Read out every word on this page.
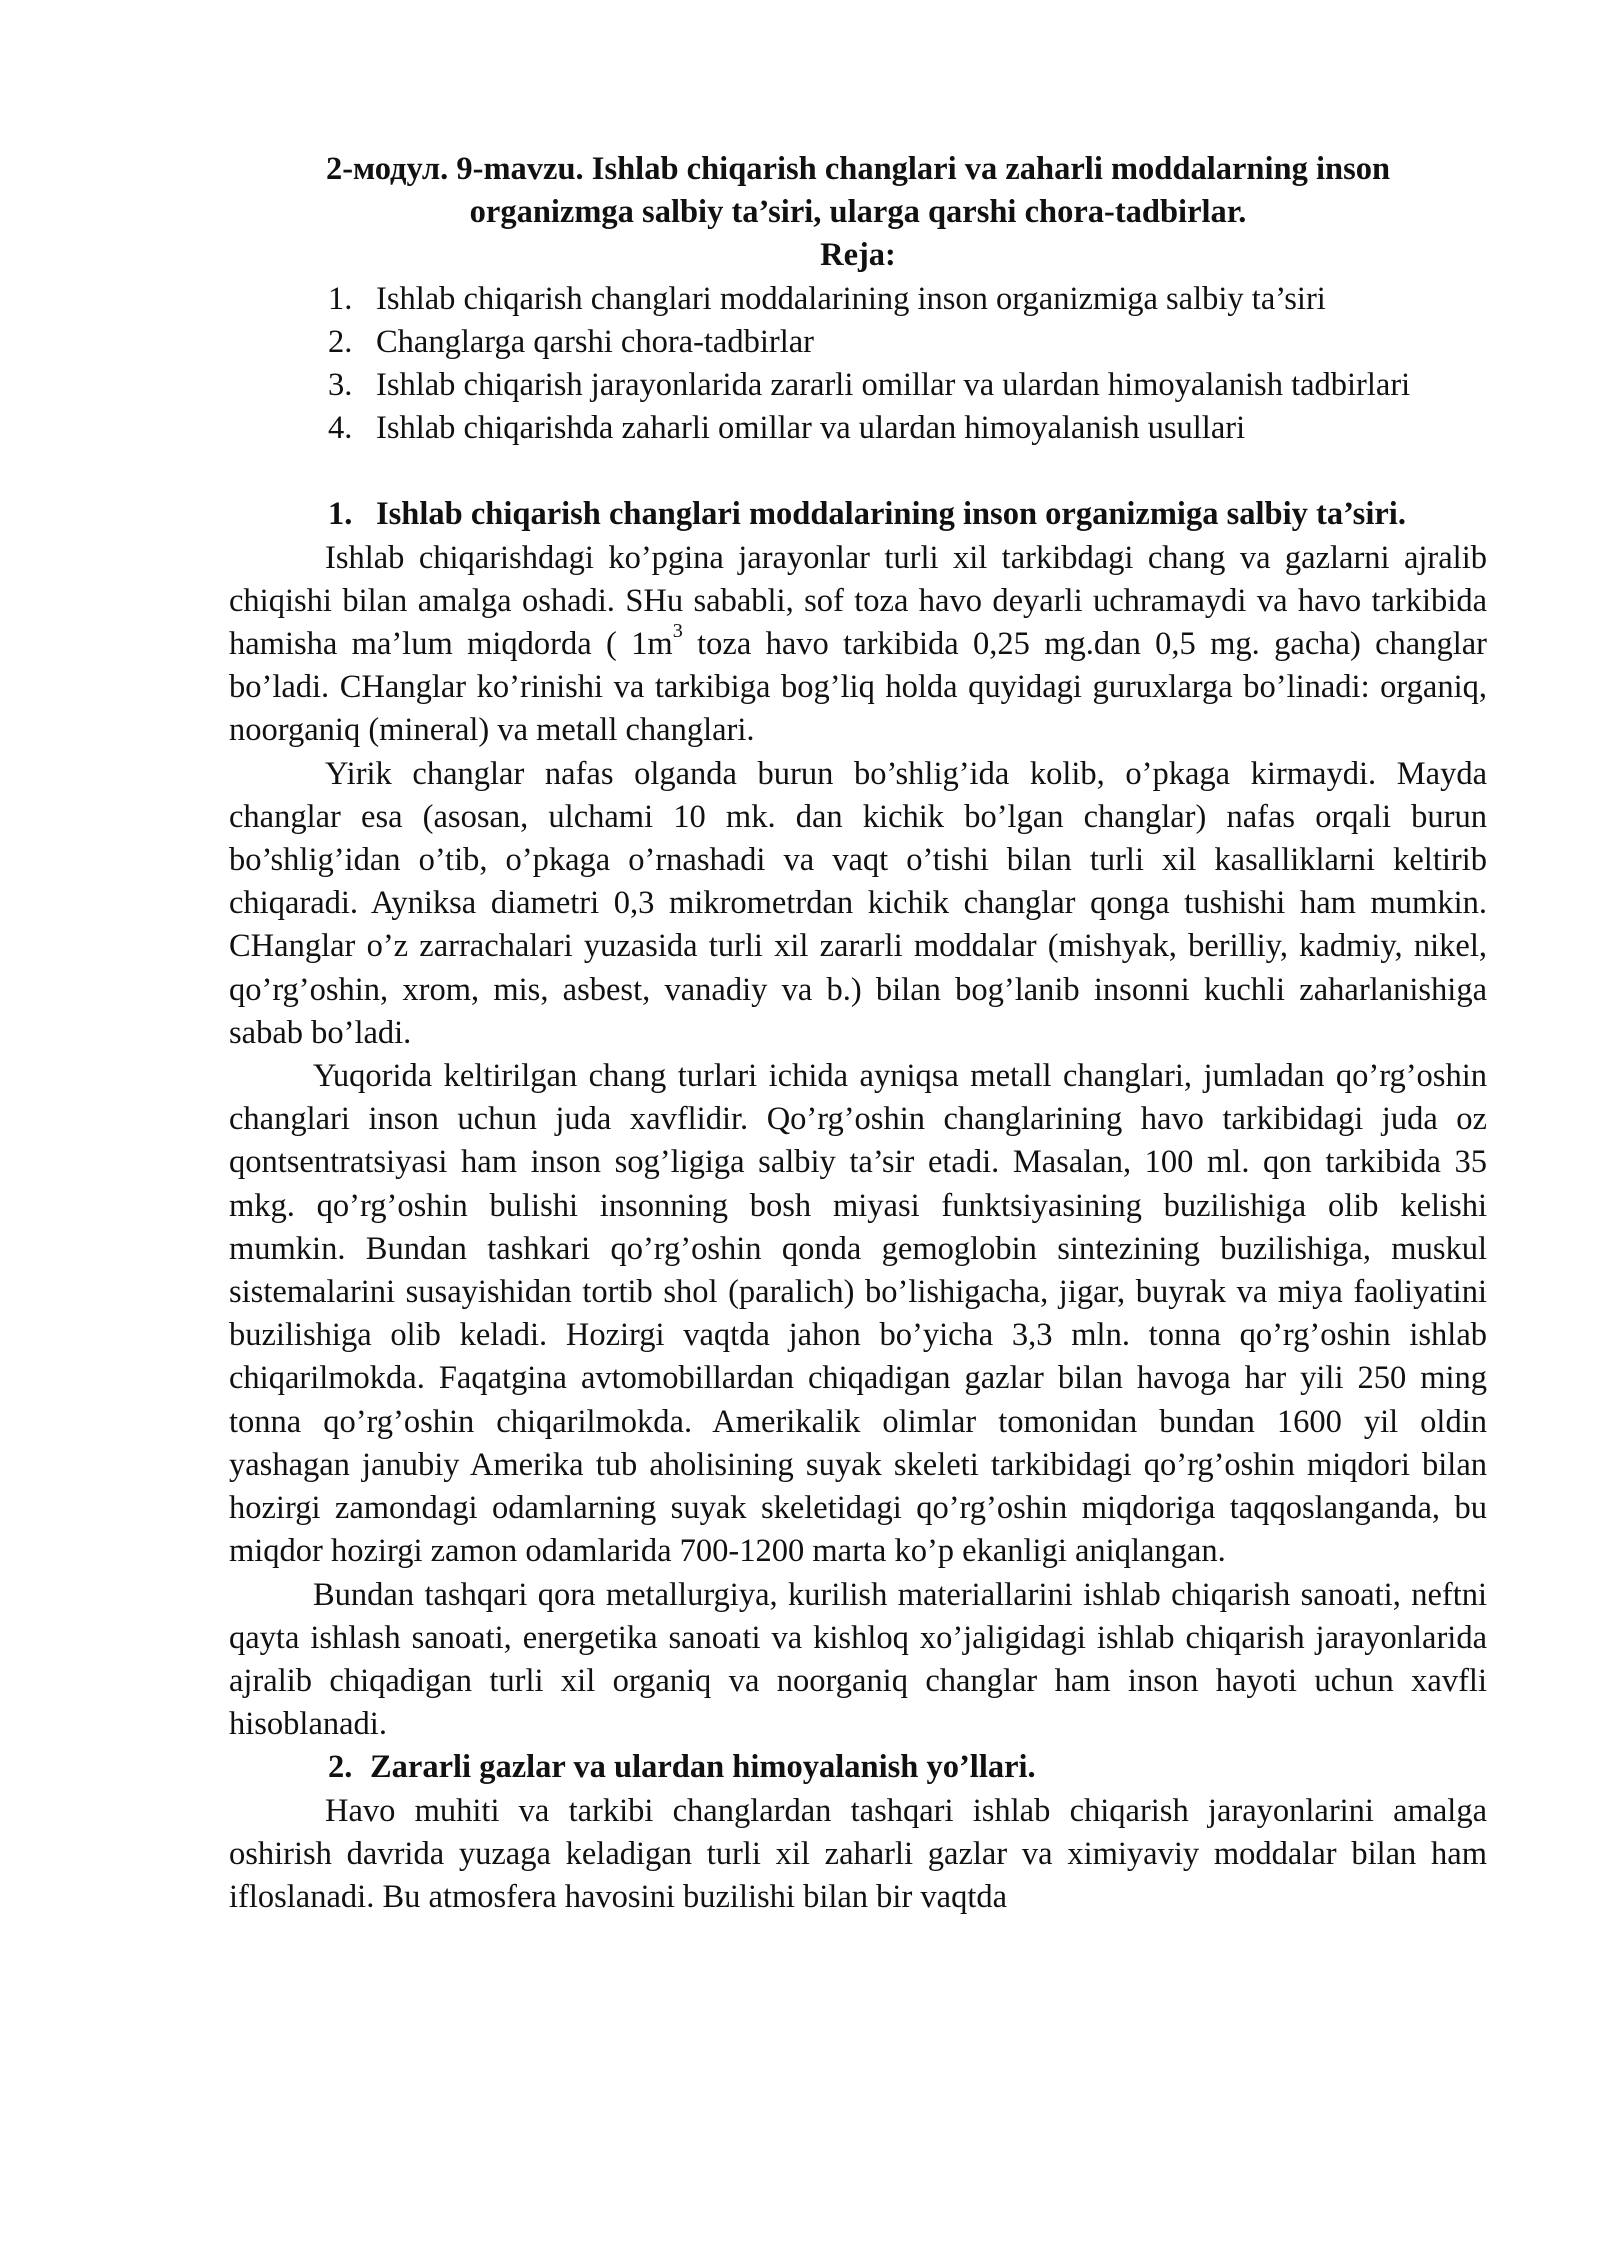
2-модул. 9-mavzu. Ishlab chiqarish changlari va zaharli moddalarning inson
organizmga salbiy ta’siri, ularga qarshi chora-tadbirlar.

Reja:

1. Ishlab chiqarish changlari moddalarining inson organizmiga salbiy ta’siri
2. Changlarga qarshi chora-tadbirlar
3. Ishlab chiqarish jarayonlarida zararli omillar va ulardan himoyalanish tadbirlari
4. Ishlab chiqarishda zaharli omillar va ulardan himoyalanish usullari

1. Ishlab chiqarish changlari moddalarining inson organizmiga salbiy ta’siri.

Ishlab chiqarishdagi ko’pgina jarayonlar turli xil tarkibdagi chang va gazlarni ajralib chiqishi bilan amalga oshadi. SHu sababli, sof toza havo deyarli uchramaydi va havo tarkibida hamisha ma’lum miqdorda ( $1m^3$ toza havo tarkibida 0,25 mg.dan 0,5 mg. gacha) changlar bo’ladi. CHanglar ko’rinishi va tarkibiga bog’liq holda quyidagi guruxlarga bo’linadi: organiq, noorganiq (mineral) va metall changlari.

Yirik changlar nafas olganda burun bo’shlig’ida kolib, o’pkaga kirmaydi. Mayda changlar esa (asosan, ulchami 10 mk. dan kichik bo’lgan changlar) nafas orqali burun bo’shlig’idan o’tib, o’pkaga o’rnashadi va vaqt o’tishi bilan turli xil kasalliklarni keltirib chiqaradi. Ayniksa diametri 0,3 mikrometrdan kichik changlar qonga tushishi ham mumkin. CHanglar o’z zarrachalari yuzasida turli xil zararli moddalar (mishyak, berilliy, kadmiy, nikel, qo’rg’oshin, xrom, mis, asbest, vanadiy va b.) bilan bog’lanib insonni kuchli zaharlanishiga sabab bo’ladi.

Yuqorida keltirilgan chang turlari ichida ayniqsa metall changlari, jumladan qo’rg’oshin changlari inson uchun juda xavflidir. Qo’rg’oshin changlarining havo tarkibidagi juda oz qontsentratsiyasi ham inson sog’ligiga salbiy ta’sir etadi. Masalan, 100 ml. qon tarkibida 35 mkg. qo’rg’oshin bulishi insonning bosh miyasi funktsiyasining buzilishiga olib kelishi mumkin. Bundan tashkari qo’rg’oshin qonda gemoglobin sintezining buzilishiga, muskul sistemalarini susayishidan tortib shol (paralich) bo’lishigacha, jigar, buyrak va miya faoliyatini buzilishiga olib keladi. Hozirgi vaqtda jahon bo’yicha 3,3 mln. tonna qo’rg’oshin ishlab chiqarilmokda. Faqatgina avtomobillardan chiqadigan gazlar bilan havoga har yili 250 ming tonna qo’rg’oshin chiqarilmokda. Amerikalik olimlar tomonidan bundan 1600 yil oldin yashagan janubiy Amerika tub aholisining suyak skeleti tarkibidagi qo’rg’oshin miqdori bilan hozirgi zamondagi odamlarning suyak skeletidagi qo’rg’oshin miqdoriga taqqoslanganda, bu miqdor hozirgi zamon odamlarida 700-1200 marta ko’p ekanligi aniqlangan.

Bundan tashqari qora metallurgiya, kurilish materiallarini ishlab chiqarish sanoati, neftni qayta ishlash sanoati, energetika sanoati va kishloq xo’jaligidagi ishlab chiqarish jarayonlarida ajralib chiqadigan turli xil organiq va noorganiq changlar ham inson hayoti uchun xavfli hisoblanadi.

2. Zararli gazlar va ulardan himoyalanish yo’llari.

Havo muhiti va tarkibi changlardan tashqari ishlab chiqarish jarayonlarini amalga oshirish davrida yuzaga keladigan turli xil zaharli gazlar va ximiyaviy moddalar bilan ham ifloslanadi. Bu atmosfera havosini buzilishi bilan bir vaqtda
